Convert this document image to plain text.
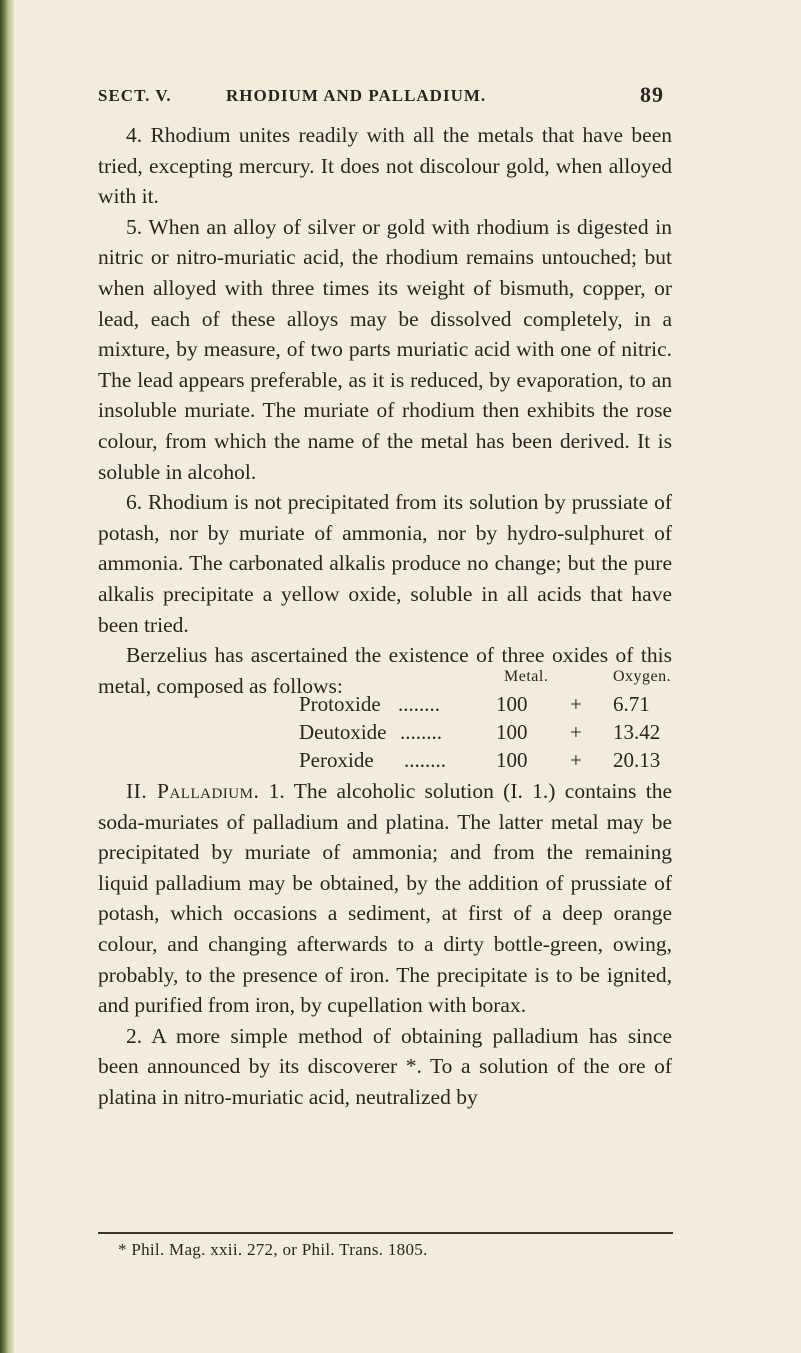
SECT. V.	RHODIUM AND PALLADIUM.	89

4. Rhodium unites readily with all the metals that have been tried, excepting mercury. It does not discolour gold, when alloyed with it.

5. When an alloy of silver or gold with rhodium is digested in nitric or nitro-muriatic acid, the rhodium remains untouched; but when alloyed with three times its weight of bismuth, copper, or lead, each of these alloys may be dissolved completely, in a mixture, by measure, of two parts muriatic acid with one of nitric. The lead appears preferable, as it is reduced, by evaporation, to an insoluble muriate. The muriate of rhodium then exhibits the rose colour, from which the name of the metal has been derived. It is soluble in alcohol.

6. Rhodium is not precipitated from its solution by prussiate of potash, nor by muriate of ammonia, nor by hydro-sulphuret of ammonia. The carbonated alkalis produce no change; but the pure alkalis precipitate a yellow oxide, soluble in all acids that have been tried.

Berzelius has ascertained the existence of three oxides of this metal, composed as follows:	Metal.	Oxygen.
Protoxide ........	100	+ 6.71
Deutoxide ........	100	+ 13.42
Peroxide ........ 100	+ 20.13

II. Palladium. 1. The alcoholic solution (I. 1.) contains the soda-muriates of palladium and platina. The latter metal may be precipitated by muriate of ammonia; and from the remaining liquid palladium may be obtained, by the addition of prussiate of potash, which occasions a sediment, at first of a deep orange colour, and changing afterwards to a dirty bottle-green, owing, probably, to the presence of iron. The precipitate is to be ignited, and purified from iron, by cupellation with borax.

2. A more simple method of obtaining palladium has since been announced by its discoverer *. To a solution of the ore of platina in nitro-muriatic acid, neutralized by

* Phil. Mag. xxii. 272, or Phil. Trans. 1805.
